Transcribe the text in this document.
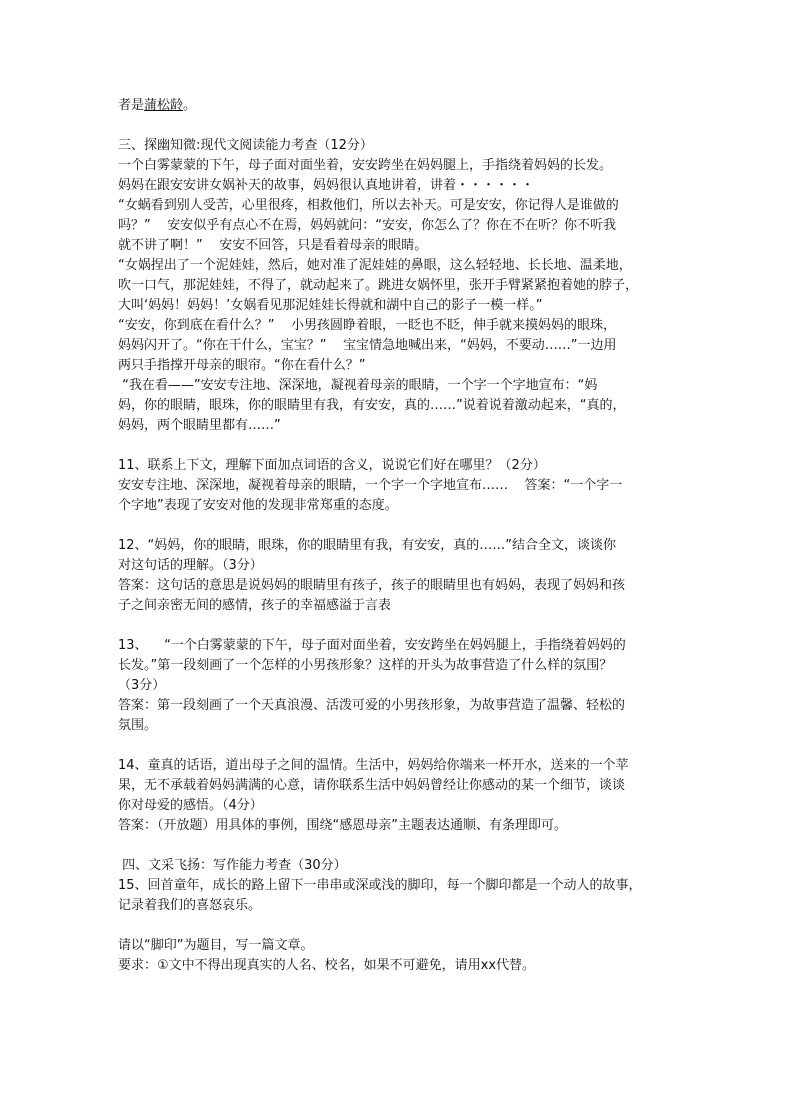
者是蒲松龄。

三、探幽知微:现代文阅读能力考查（12分）

一个白雾蒙蒙的下午，母子面对面坐着，安安跨坐在妈妈腿上，手指绕着妈妈的长发。

妈妈在跟安安讲女娲补天的故事，妈妈很认真地讲着，讲着・・・・・・

“女蜗看到别人受苦，心里很疼，相救他们，所以去补天。可是安安，你记得人是谁做的

吗？”    安安似乎有点心不在焉，妈妈就问：“安安，你怎么了？你在不在听？你不听我

就不讲了啊！”    安安不回答，只是看着母亲的眼睛。

“女娲捏出了一个泥娃娃，然后，她对准了泥娃娃的鼻眼，这么轻轻地、长长地、温柔地，

吹一口气，那泥娃娃，不得了，就动起来了。跳进女娲怀里，张开手臂紧紧抱着她的脖子，

大叫‘妈妈！妈妈！’女娲看见那泥娃娃长得就和湖中自己的影子一模一样。”

“安安，你到底在看什么？”    小男孩圆睁着眼，一眨也不眨，伸手就来摸妈妈的眼珠，

妈妈闪开了。“你在干什么，宝宝？”    宝宝情急地喊出来，“妈妈，不要动……”一边用

两只手指撑开母亲的眼帘。“你在看什么？”

“我在看——”安安专注地、深深地，凝视着母亲的眼睛，一个字一个字地宣布：“妈

妈，你的眼睛，眼珠，你的眼睛里有我，有安安，真的……”说着说着激动起来，“真的，

妈妈，两个眼睛里都有……”

11、联系上下文，理解下面加点词语的含义，说说它们好在哪里？（2分）

安安专注地、深深地，凝视着母亲的眼睛，一个字一个字地宣布……    答案：“一个字一

个字地”表现了安安对他的发现非常郑重的态度。

12、“妈妈，你的眼睛，眼珠，你的眼睛里有我，有安安，真的……”结合全文，谈谈你

对这句话的理解。（3分）

答案：这句话的意思是说妈妈的眼睛里有孩子，孩子的眼睛里也有妈妈，表现了妈妈和孩

子之间亲密无间的感情，孩子的幸福感溢于言表

13、    “一个白雾蒙蒙的下午，母子面对面坐着，安安跨坐在妈妈腿上，手指绕着妈妈的

长发。”第一段刻画了一个怎样的小男孩形象？这样的开头为故事营造了什么样的氛围？

（3分）

答案：第一段刻画了一个天真浪漫、活泼可爱的小男孩形象，为故事营造了温馨、轻松的

氛围。

14、童真的话语，道出母子之间的温情。生活中，妈妈给你端来一杯开水，送来的一个苹

果，无不承载着妈妈满满的心意，请你联系生活中妈妈曾经让你感动的某一个细节，谈谈

你对母爱的感悟。（4分）

答案：（开放题）用具体的事例，围绕“感恩母亲”主题表达通顺、有条理即可。

四、文采飞扬：写作能力考查（30分）

15、回首童年，成长的路上留下一串串或深或浅的脚印，每一个脚印都是一个动人的故事，

记录着我们的喜怒哀乐。

请以“脚印”为题目，写一篇文章。

要求：①文中不得出现真实的人名、校名，如果不可避免，请用xx代替。
